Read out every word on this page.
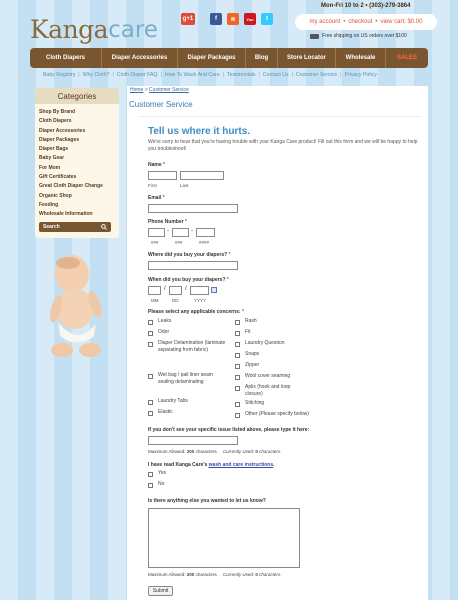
Kanga care
Mon-Fri 10 to 2 • (303)-279-3864
g+1	f	≋	You	t	my account • checkout • view cart: $0.00
Free shipping on US orders over $100
Cloth Diapers	Diaper Accessories	Diaper Packages	Blog	Store Locator	Wholesale	SALES
Baby Registry | Why Cloth? | Cloth Diaper FAQ | How To Wash And Care | Testimonials | Contact Us | Customer Service | Privacy Policy
Categories
Shop By Brand
Cloth Diapers
Diaper Accessories
Diaper Packages
Diaper Bags
Baby Gear
For Mom
Gift Certificates
Great Cloth Diaper Change
Organic Shop
Feeding
Wholesale Information
Search
Home > Customer Service
Customer Service
Tell us where it hurts.
We're sorry to hear that you're having trouble with your Kanga Care product! Fill out this form and we will be happy to help you troubleshoot!
Name *
First	Last
Email *
Phone Number *
-	-
###	###	####
Where did you buy your diapers? *
When did you buy your diapers? *
/	/
MM	DD	YYYY
Please select any applicable concerns: *
Leaks
Odor
Diaper Delamination (laminate separating from fabric)
Wet bag / pail liner seam sealing delaminating
Laundry Tabs
Elastic
Rash
Fit
Laundry Question
Snaps
Zipper
Wool cover seaming
Aplix (hook and loop closure)
Stitching
Other (Please specify below)
If you don't see your specific issue listed above, please type it here:
Maximum Allowed: 200 characters. Currently Used: 0 characters.
I have read Kanga Care's wash and care instructions.
Yes
No
Is there anything else you wanted to let us know?
Maximum Allowed: 200 characters. Currently Used: 0 characters.
Submit
